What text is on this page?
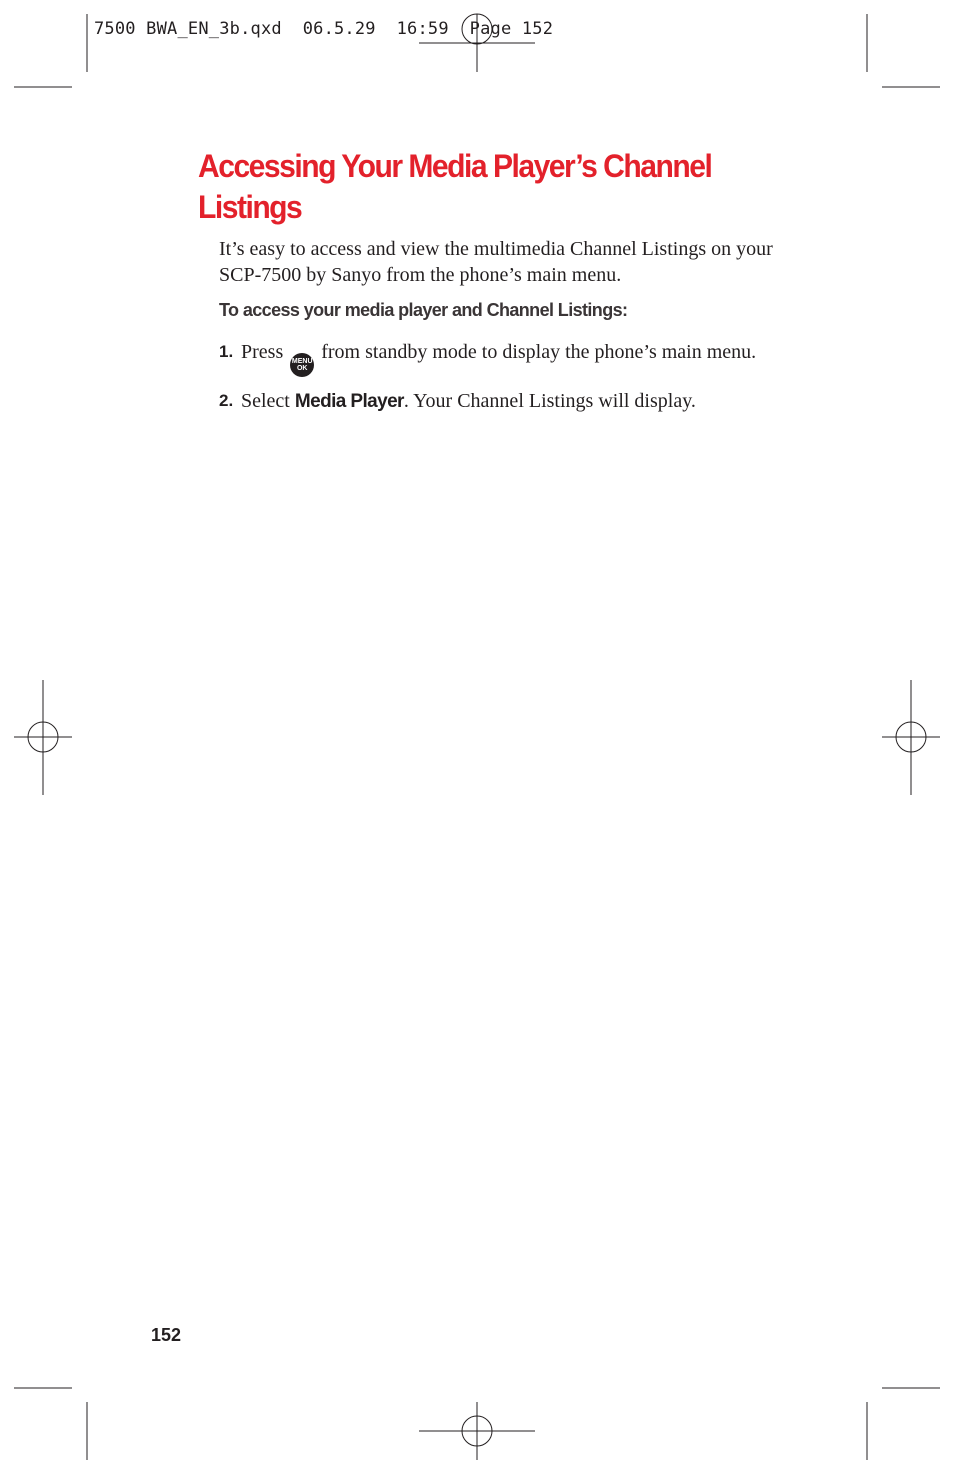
7500 BWA_EN_3b.qxd  06.5.29  16:59  Page 152
Accessing Your Media Player’s Channel Listings

It’s easy to access and view the multimedia Channel Listings on your SCP-7500 by Sanyo from the phone’s main menu.

To access your media player and Channel Listings:

1. Press MENU
OK
from standby mode to display the phone’s main menu.
2. Select Media Player. Your Channel Listings will display.
152
